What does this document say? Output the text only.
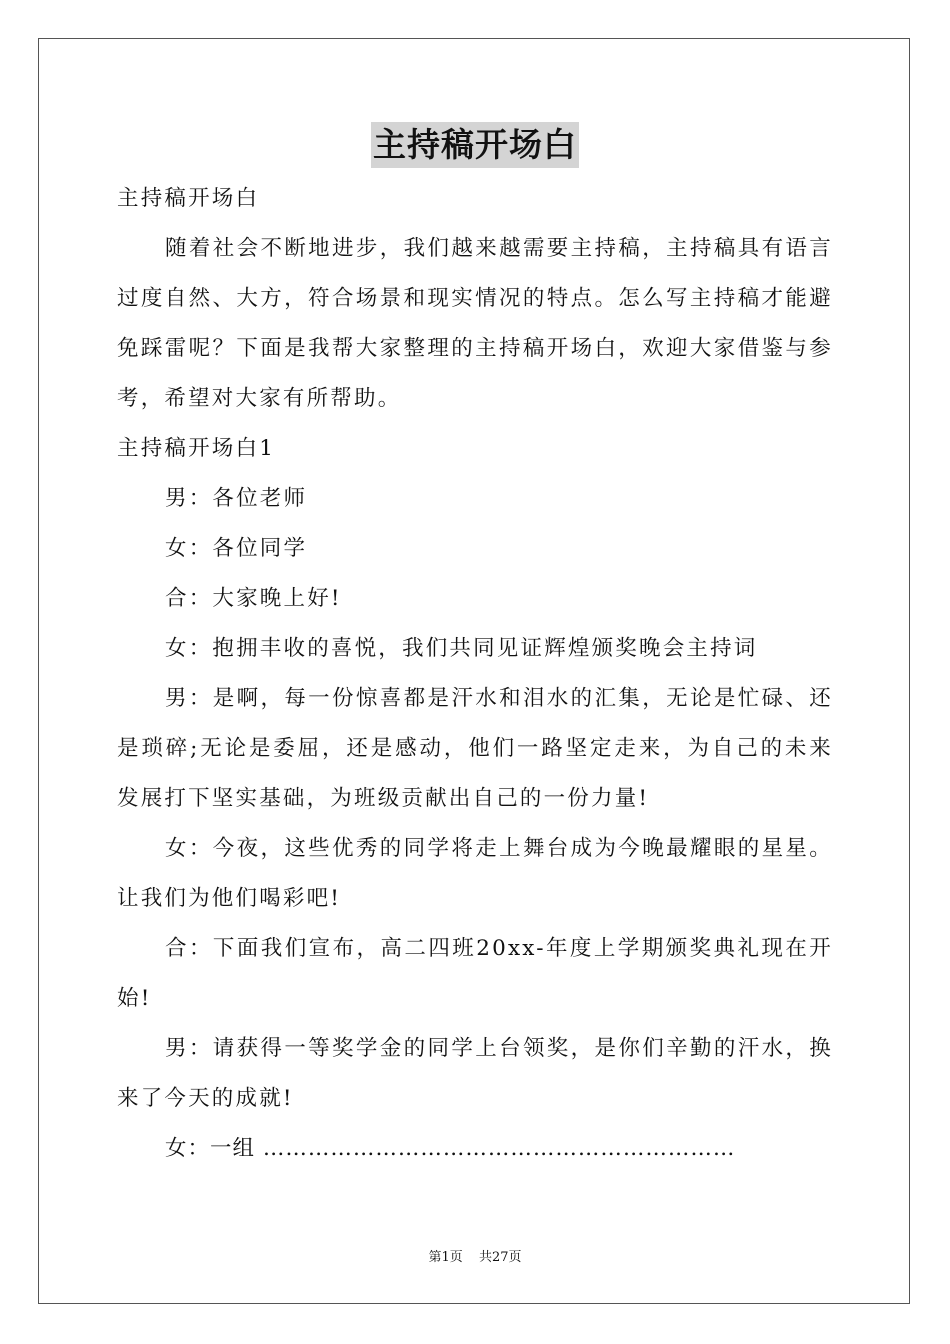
主持稿开场白

主持稿开场白

随着社会不断地进步，我们越来越需要主持稿，主持稿具有语言过度自然、大方，符合场景和现实情况的特点。怎么写主持稿才能避免踩雷呢？下面是我帮大家整理的主持稿开场白，欢迎大家借鉴与参考，希望对大家有所帮助。

主持稿开场白1

男：各位老师

女：各位同学

合：大家晚上好!

女：抱拥丰收的喜悦，我们共同见证辉煌颁奖晚会主持词

男：是啊，每一份惊喜都是汗水和泪水的汇集，无论是忙碌、还是琐碎;无论是委屈，还是感动，他们一路坚定走来，为自己的未来发展打下坚实基础，为班级贡献出自己的一份力量!

女：今夜，这些优秀的同学将走上舞台成为今晚最耀眼的星星。让我们为他们喝彩吧!

合：下面我们宣布，高二四班20xx-年度上学期颁奖典礼现在开始!

男：请获得一等奖学金的同学上台领奖，是你们辛勤的汗水，换来了今天的成就!

女：一组 ………………………………………………………

第1页 共27页
